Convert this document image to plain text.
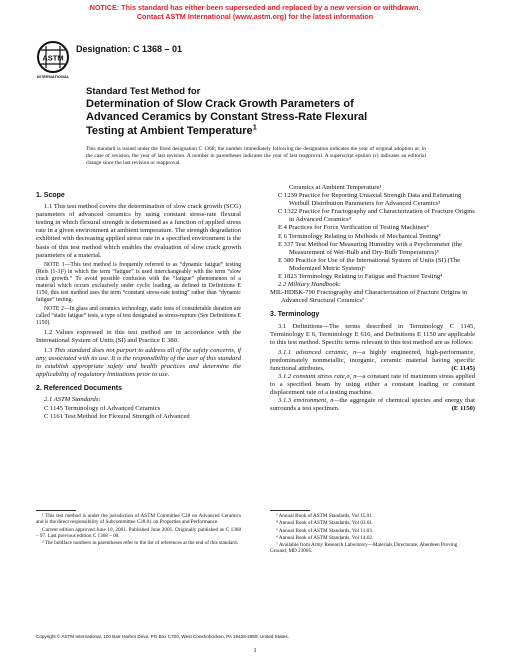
NOTICE: This standard has either been superseded and replaced by a new version or withdrawn.
Contact ASTM International (www.astm.org) for the latest information
ASTM
INTERNATIONAL
Designation: C 1368 – 01
Standard Test Method for
Determination of Slow Crack Growth Parameters of
Advanced Ceramics by Constant Stress-Rate Flexural
Testing at Ambient Temperature$^1$
This standard is issued under the fixed designation C 1368; the number immediately following the designation indicates the year of original adoption or, in the case of revision, the year of last revision. A number in parentheses indicates the year of last reapproval. A superscript epsilon (ε) indicates an editorial change since the last revision or reapproval.
1. Scope

1.1 This test method covers the determination of slow crack growth (SCG) parameters of advanced ceramics by using constant stress-rate flexural testing in which flexural strength is determined as a function of applied stress rate in a given environment at ambient temperature. The strength degradation exhibited with decreasing applied stress rate in a specified environment is the basis of this test method which enables the evaluation of slow crack growth parameters of a material.

NOTE 1—This test method is frequently referred to as “dynamic fatigue” testing (Refs (1-3)²) in which the term “fatigue” is used interchangeably with the term “slow crack growth.” To avoid possible confusion with the “fatigue” phenomenon of a material which occurs exclusively under cyclic loading, as defined in Definitions E 1150, this test method uses the term “constant stress-rate testing” rather than “dynamic fatigue” testing.

NOTE 2—In glass and ceramics technology, static tests of considerable duration are called “static fatigue” tests, a type of test designated as stress-rupture (See Definitions E 1150).

1.2 Values expressed in this test method are in accordance with the International System of Units (SI) and Practice E 380.

1.3 This standard does not purport to address all of the safety concerns, if any, associated with its use. It is the responsibility of the user of this standard to establish appropriate safety and health practices and determine the applicability of regulatory limitations prior to use.

2. Referenced Documents
2.1 ASTM Standards:
C 1145 Terminology of Advanced Ceramics
C 1161 Test Method for Flexural Strength of Advanced
Ceramics at Ambient Temperature³
C 1239 Practice for Reporting Uniaxial Strength Data and Estimating Weibull Distribution Parameters for Advanced Ceramics³
C 1322 Practice for Fractography and Characterization of Fracture Origins in Advanced Ceramics³
E 4 Practices for Force Verification of Testing Machines⁴
E 6 Terminology Relating to Methods of Mechanical Testing⁴
E 337 Test Method for Measuring Humidity with a Psychrometer (the Measurement of Wet-Bulb and Dry-Bulb Temperatures)⁵
E 380 Practice for Use of the International System of Units (SI) (The Modernized Metric System)⁶
E 1823 Terminology Relating to Fatigue and Fracture Testing⁴
2.2 Military Handbook:
MIL-HDBK-790 Fractography and Characterization of Fracture Origins in Advanced Structural Ceramics⁷
3. Terminology

3.1 Definitions—The terms described in Terminology C 1145, Terminology E 6, Terminology E 616, and Definitions E 1150 are applicable to this test method. Specific terms relevant to this test method are as follows:

3.1.1 advanced ceramic, n—a highly engineered, high-performance, predominately nonmetallic, inorganic, ceramic material having specific functional attributes.	(C 1145)

3.1.2 constant stress rate,σ̇, n—a constant rate of maximum stress applied to a specified beam by using either a constant loading or constant displacement rate of a testing machine.

3.1.3 environment, n—the aggregate of chemical species and energy that surrounds a test specimen.	(E 1150)

¹ This test method is under the jurisdiction of ASTM Committee C28 on Advanced Ceramics and is the direct responsibility of Subcommittee C28.01 on Properties and Performance.

Current edition approved June 10, 2001. Published June 2001. Originally published as C 1368 – 97. Last previous edition C 1368 – 00.

² The boldface numbers in parentheses refer to the list of references at the end of this standard.

³ Annual Book of ASTM Standards, Vol 15.01.

⁴ Annual Book of ASTM Standards, Vol 03.01.

⁵ Annual Book of ASTM Standards, Vol 11.03.

⁶ Annual Book of ASTM Standards, Vol 14.02.

⁷ Available from Army Research Laboratory—Materials Directorate, Aberdeen Proving Ground, MD 21005.

Copyright © ASTM International, 100 Barr Harbor Drive, PO Box C700, West Conshohocken, PA 19428-2959, United States.
1
